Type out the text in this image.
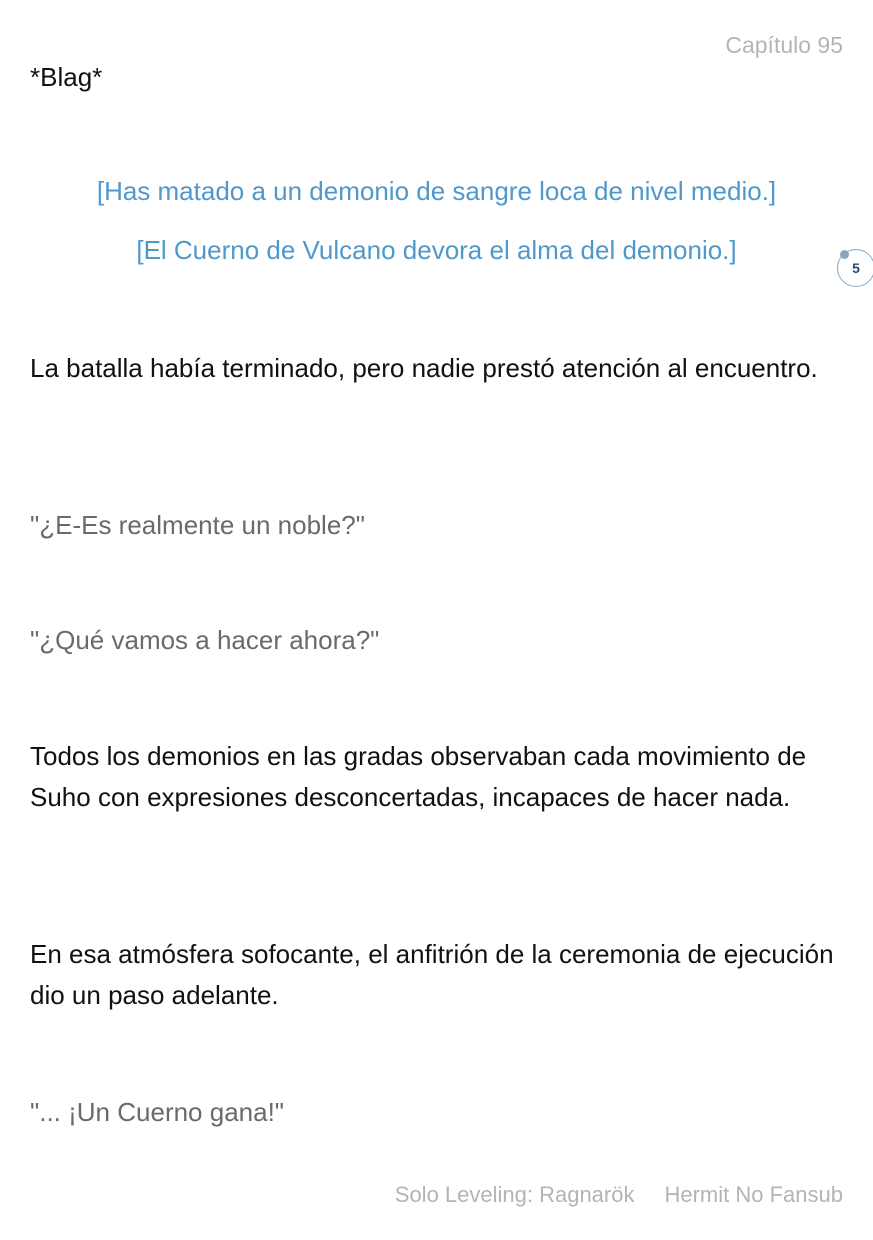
Capítulo 95
*Blag*
[Has matado a un demonio de sangre loca de nivel medio.]
[El Cuerno de Vulcano devora el alma del demonio.]
5
La batalla había terminado, pero nadie prestó atención al encuentro.
"¿E-Es realmente un noble?"
"¿Qué vamos a hacer ahora?"
Todos los demonios en las gradas observaban cada movimiento de Suho con expresiones desconcertadas, incapaces de hacer nada.
En esa atmósfera sofocante, el anfitrión de la ceremonia de ejecución dio un paso adelante.
"... ¡Un Cuerno gana!"
Solo Leveling: Ragnarök Hermit No Fansub
